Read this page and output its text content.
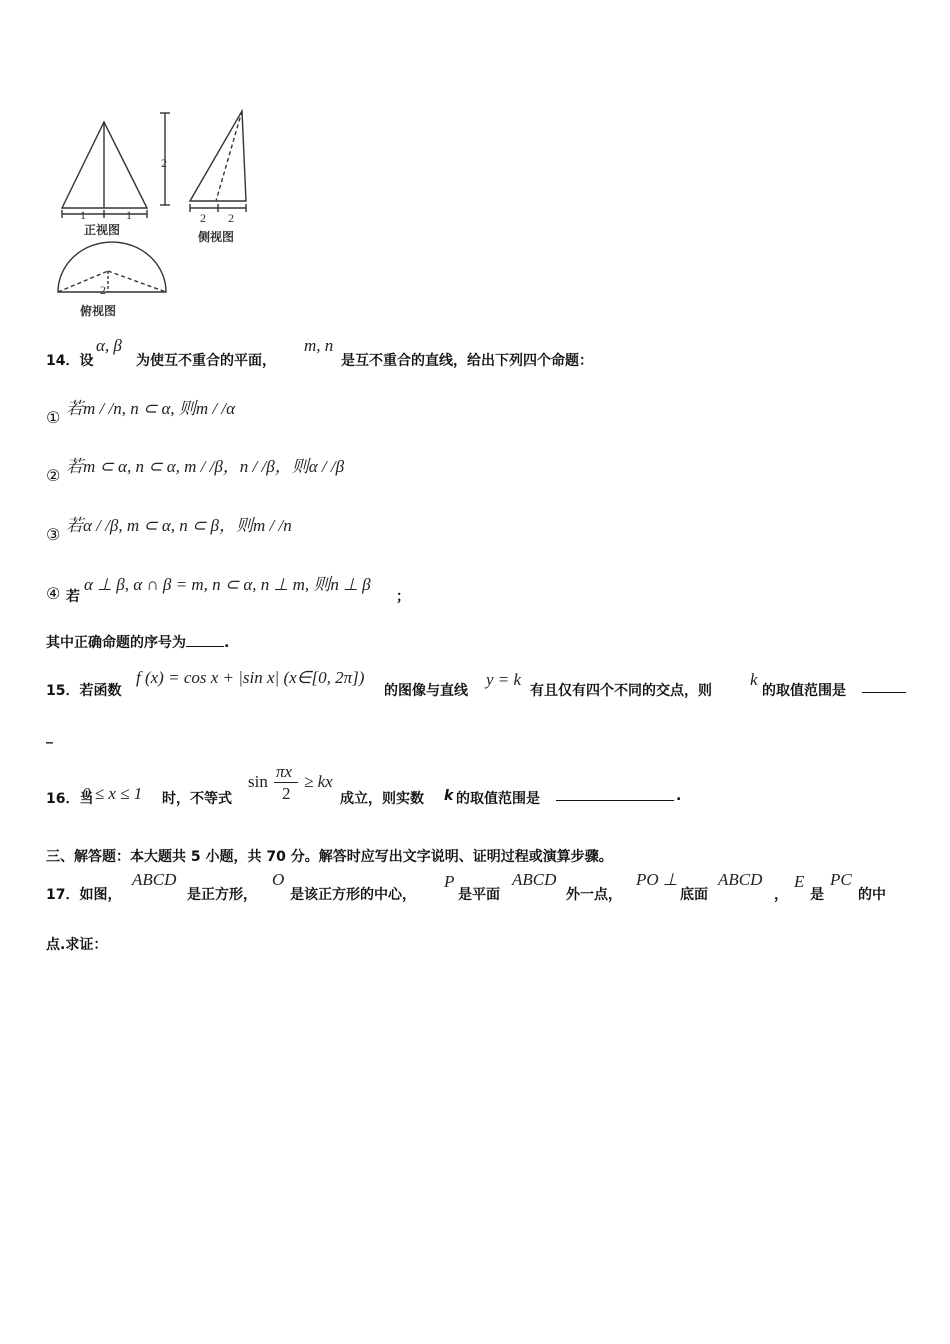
2
1	1	2 2
2
正视图	侧视图
俯视图
14．设
α, β
为使互不重合的平面，
m, n
是互不重合的直线，给出下列四个命题：
① 若m / /n, n ⊂ α, 则m / /α
② 若m ⊂ α, n ⊂ α, m / /β，n / /β，则α / /β
③ 若α / /β, m ⊂ α, n ⊂ β，则m / /n
④ 若
α ⊥ β, α ∩ β = m, n ⊂ α, n ⊥ m, 则n ⊥ β
；
其中正确命题的序号为	.
15．若函数
f (x) = cos x + |sin x| (x∈[0, 2π])
的图像与直线
y = k
有且仅有四个不同的交点，则
k
的取值范围是
_
16．当
0 ≤ x ≤ 1 时，不等式
sin
πx
2
≥ kx
成立，则实数 k 的取值范围是	.
三、解答题：本大题共 5 小题，共 70 分。解答时应写出文字说明、证明过程或演算步骤。
17．如图，
ABCD
是正方形，
O
是该正方形的中心，
P
是平面
ABCD
外一点，
PO ⊥
底面
ABCD
，
E
是
PC
的中
点.求证：
